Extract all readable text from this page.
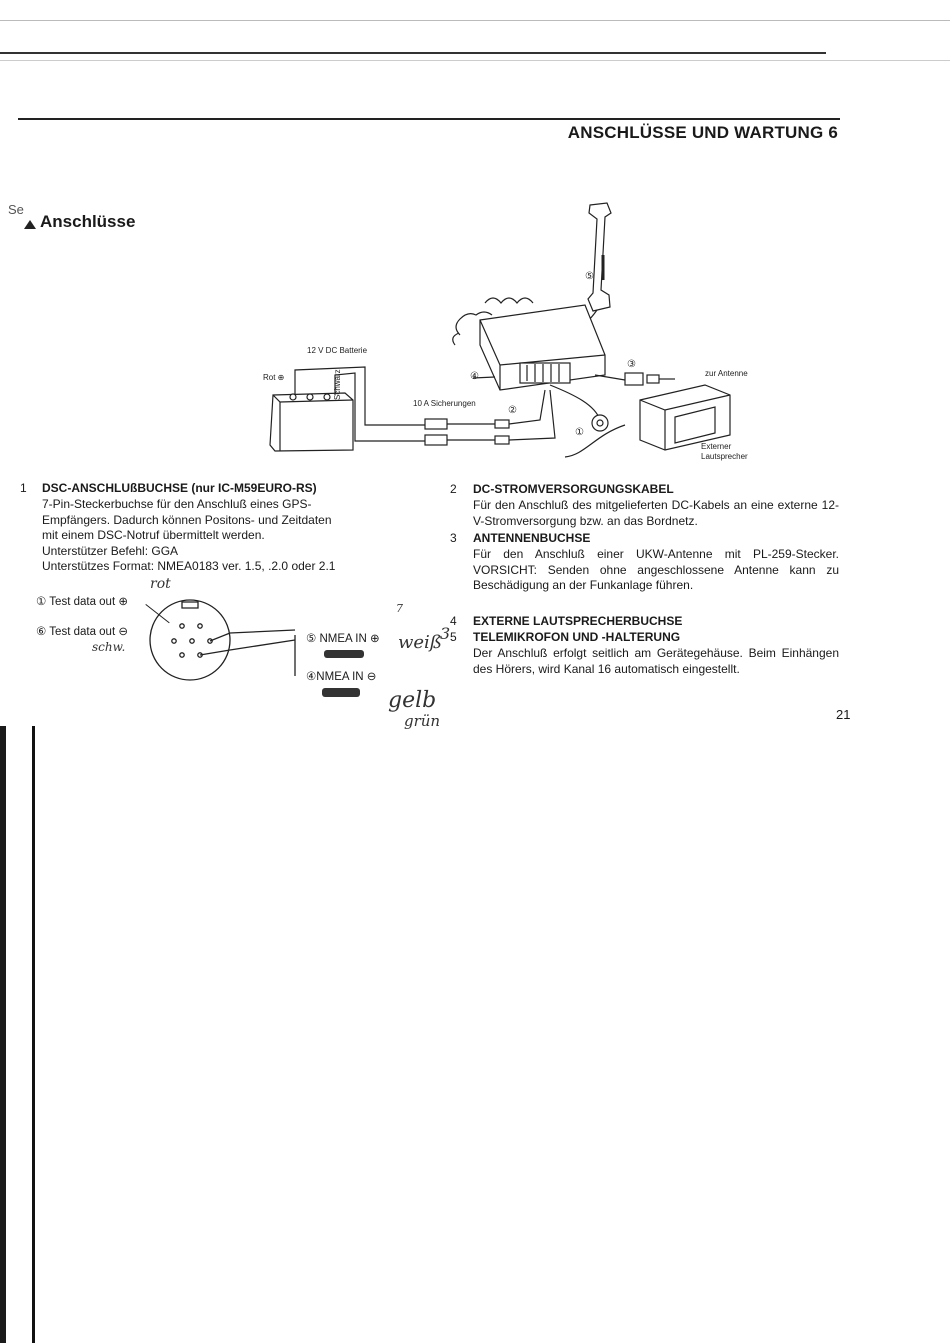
ANSCHLÜSSE UND WARTUNG 6
Se
Anschlüsse
12 V DC Batterie
Rot ⊕	Schwarz
10 A Sicherungen
zur Antenne
Externer
Lautsprecher
①
②
③
④
⑤
1 DSC-ANSCHLUßBUCHSE (nur IC-M59EURO-RS)
7-Pin-Steckerbuchse für den Anschluß eines GPS-
Empfängers. Dadurch können Positons- und Zeitdaten
mit einem DSC-Notruf übermittelt werden.
Unterstützer Befehl: GGA
Unterstützes Format: NMEA0183 ver. 1.5, .2.0 oder 2.1
① Test data out ⊕
⑥ Test data out ⊖
⑤ NMEA IN ⊕
④NMEA IN ⊖
rot
schw.	weiß
gelb
grün
3
7
2 DC-STROMVERSORGUNGSKABEL
Für den Anschluß des mitgelieferten DC-Kabels an eine externe 12-V-Stromversorgung bzw. an das Bordnetz.
3 ANTENNENBUCHSE
Für den Anschluß einer UKW-Antenne mit PL-259-Stecker. VORSICHT: Senden ohne angeschlossene Antenne kann zu Beschädigung an der Funkanlage führen.
4 EXTERNE LAUTSPRECHERBUCHSE
5 TELEMIKROFON UND -HALTERUNG
Der Anschluß erfolgt seitlich am Gerätegehäuse. Beim Einhängen des Hörers, wird Kanal 16 automatisch eingestellt.
21
